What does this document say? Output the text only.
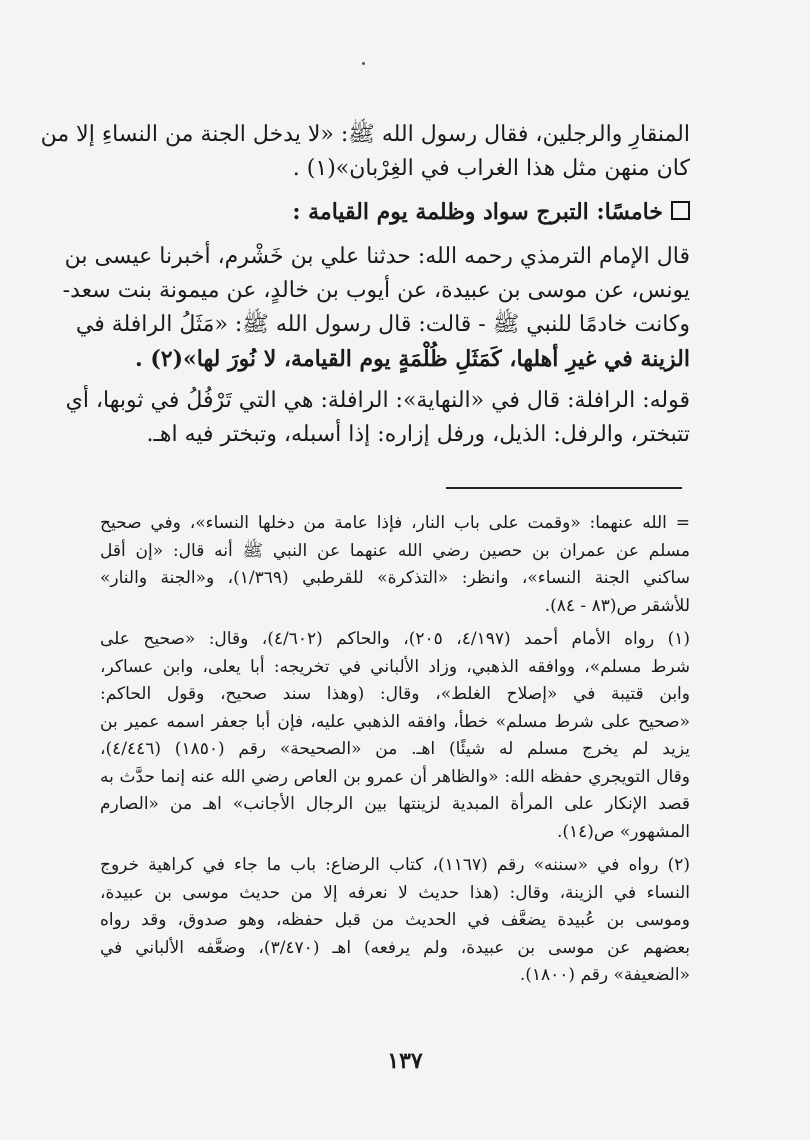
المنقارِ والرجلين، فقال رسول الله ﷺ: «لا يدخل الجنة من النساءِ إلا من
كان منهن مثل هذا الغراب في الغِرْبان»(١) .
خامسًا: التبرج سواد وظلمة يوم القيامة :
قال الإمام الترمذي رحمه الله: حدثنا علي بن خَشْرم، أخبرنا عيسى بن
يونس، عن موسى بن عبيدة، عن أيوب بن خالدٍ، عن ميمونة بنت سعد-
وكانت خادمًا للنبي ﷺ - قالت: قال رسول الله ﷺ: «مَثَلُ الرافلة في
الزينة في غيرِ أهلها، كَمَثَلِ ظُلْمَةٍ يوم القيامة، لا نُورَ لها»(٢) .
قوله: الرافلة: قال في «النهاية»: الرافلة: هي التي تَرْفُلُ في ثوبها، أي
تتبختر، والرفل: الذيل، ورفل إزاره: إذا أسبله، وتبختر فيه اهـ.
= الله عنهما: «وقمت على باب النار، فإذا عامة من دخلها النساء»، وفي صحيح
مسلم عن عمران بن حصين رضي الله عنهما عن النبي ﷺ أنه قال: «إن أقل
ساكني الجنة النساء»، وانظر: «التذكرة» للقرطبي (١/٣٦٩)، و«الجنة والنار»
للأشقر ص(٨٣ - ٨٤).
(١) رواه الأمام أحمد (٤/١٩٧، ٢٠٥)، والحاكم (٤/٦٠٢)، وقال: «صحيح على
شرط مسلم»، ووافقه الذهبي، وزاد الألباني في تخريجه: أبا يعلى، وابن عساكر،
وابن قتيبة في «إصلاح الغلط»، وقال: (وهذا سند صحيح، وقول الحاكم:
«صحيح على شرط مسلم» خطأ، وافقه الذهبي عليه، فإن أبا جعفر اسمه عمير بن
يزيد لم يخرج مسلم له شيئًا) اهـ. من «الصحيحة» رقم (١٨٥٠) (٤/٤٤٦)،
وقال التويجري حفظه الله: «والظاهر أن عمرو بن العاص رضي الله عنه إنما حدَّث به
قصد الإنكار على المرأة المبدية لزينتها بين الرجال الأجانب» اهـ من «الصارم
المشهور» ص(١٤).
(٢) رواه في «سننه» رقم (١١٦٧)، كتاب الرضاع: باب ما جاء في كراهية خروج
النساء في الزينة، وقال: (هذا حديث لا نعرفه إلا من حديث موسى بن عبيدة،
وموسى بن عُبيدة يضعَّف في الحديث من قبل حفظه، وهو صدوق، وقد رواه
بعضهم عن موسى بن عبيدة، ولم يرفعه) اهـ (٣/٤٧٠)، وضعَّفه الألباني في
«الضعيفة» رقم (١٨٠٠).
١٣٧
